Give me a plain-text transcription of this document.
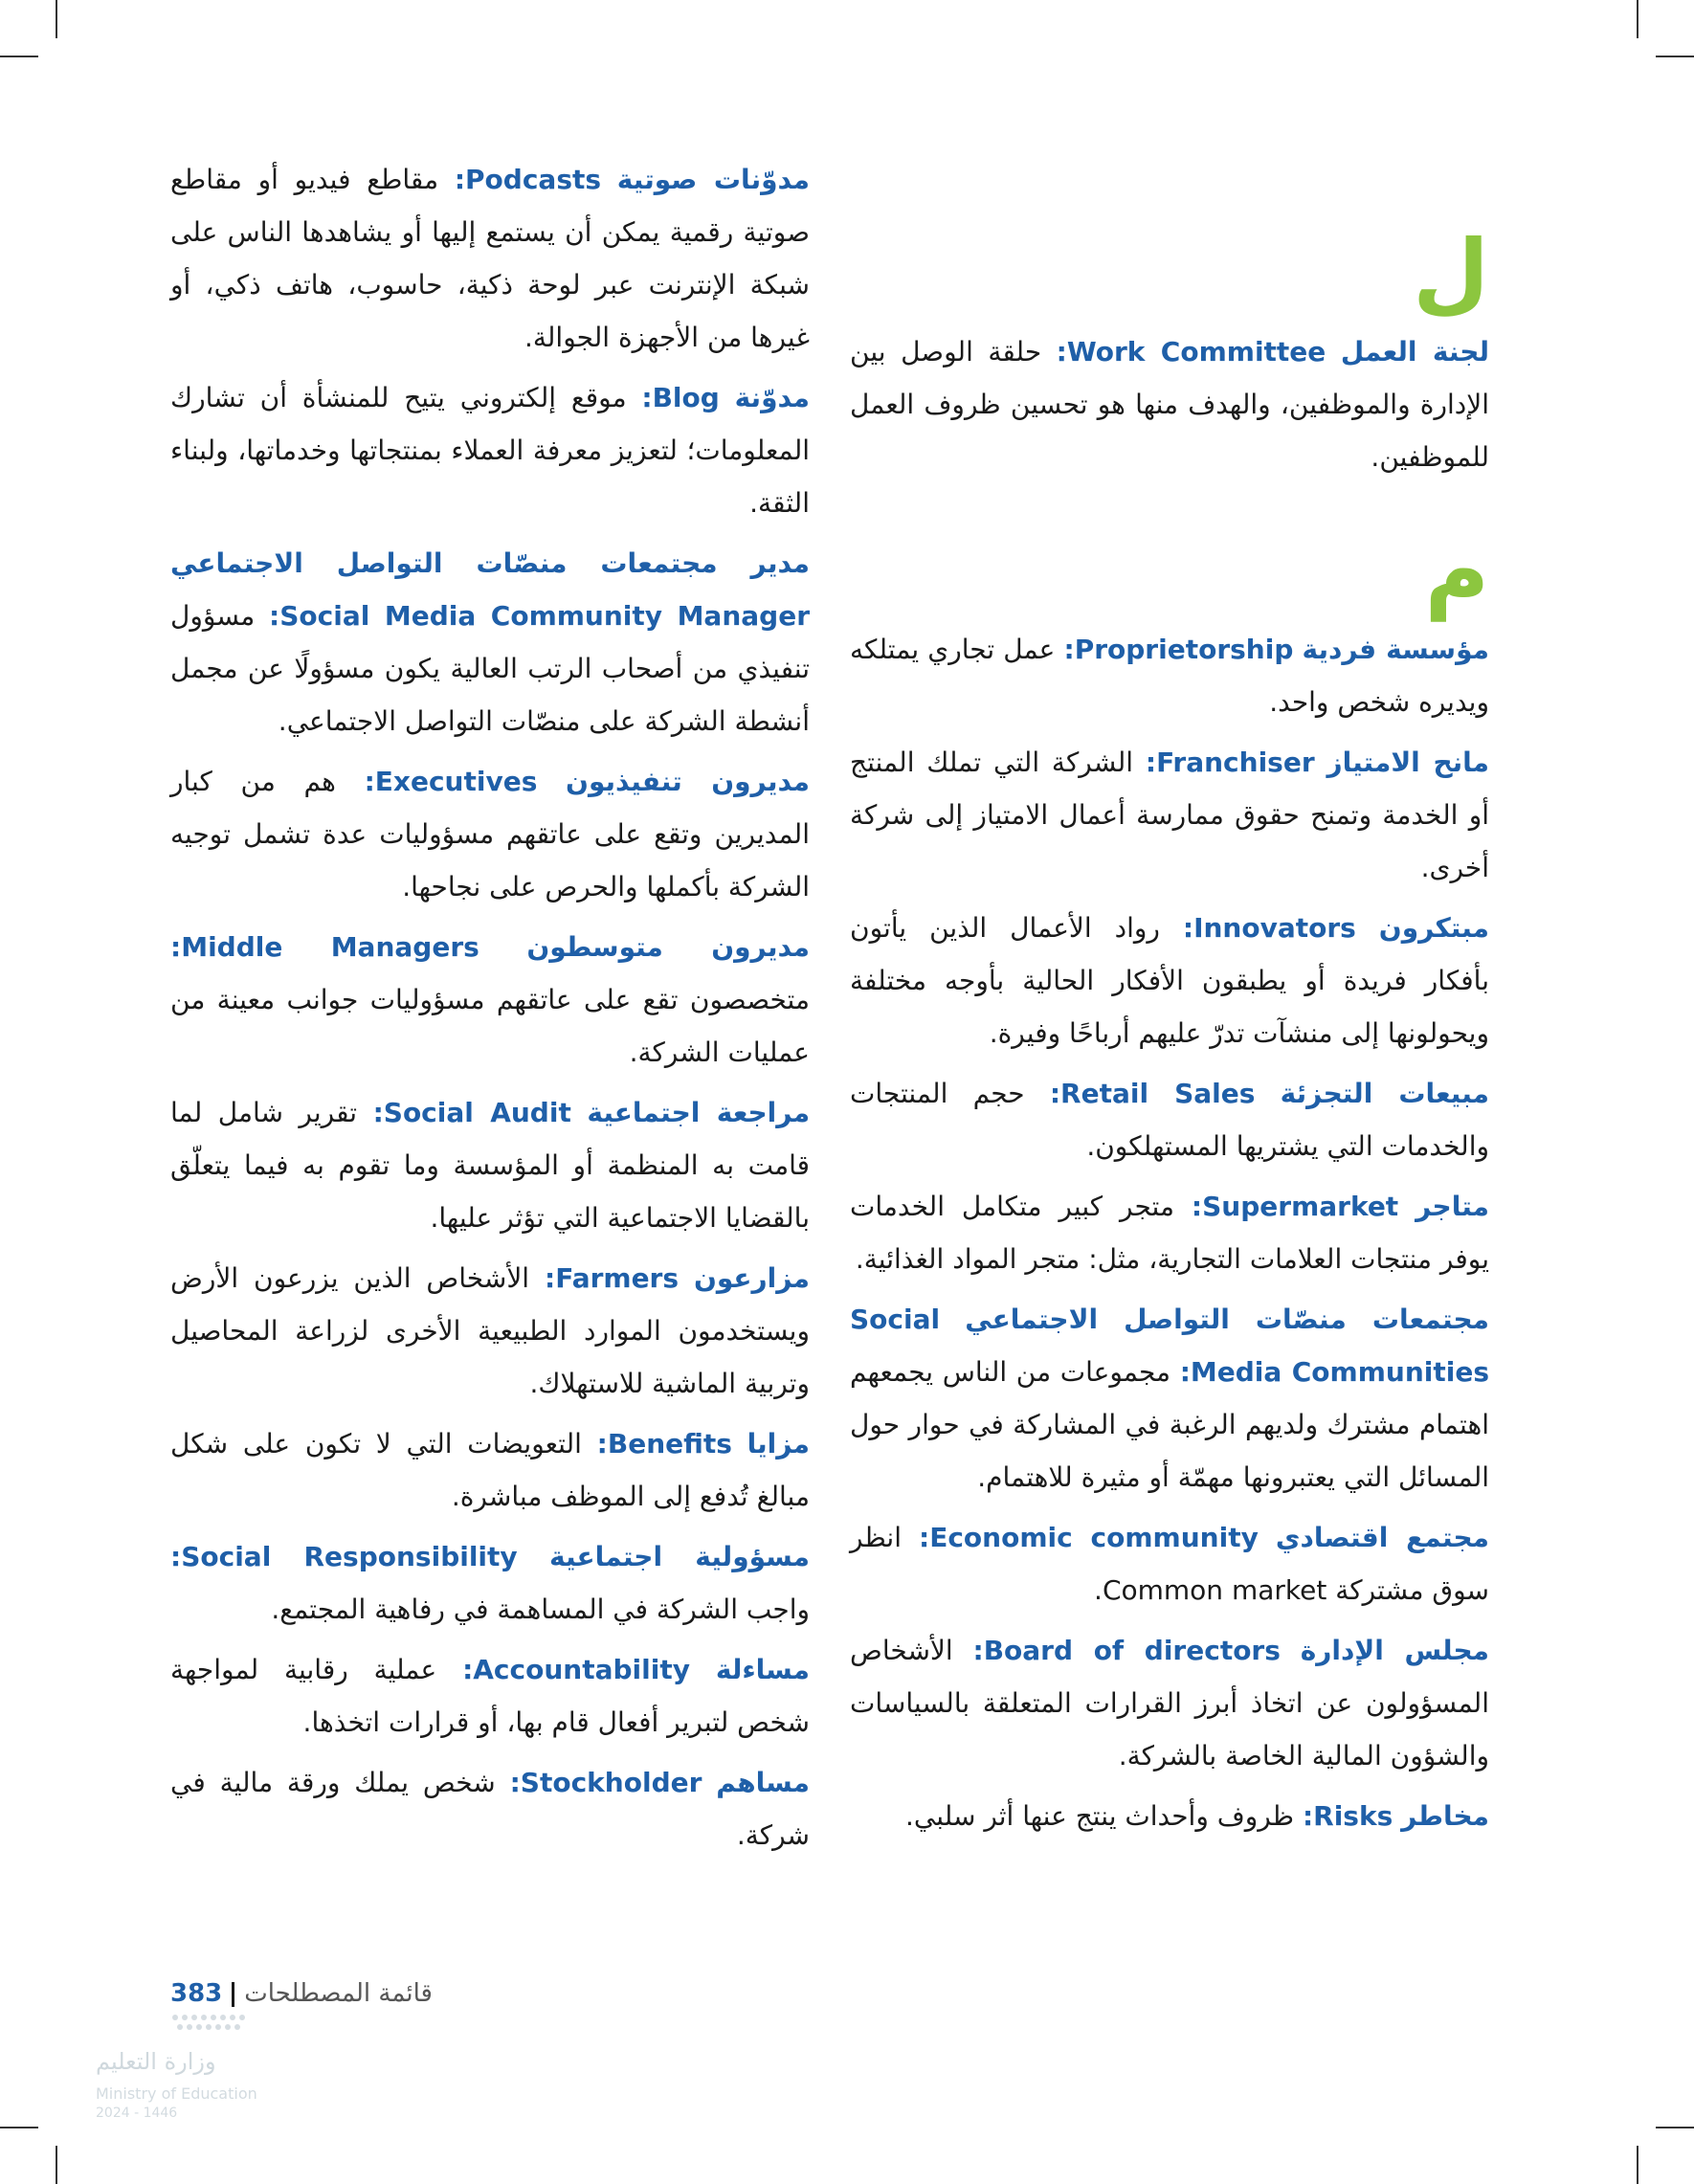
ل

لجنة العمل Work Committee: حلقة الوصل بين الإدارة والموظفين، والهدف منها هو تحسين ظروف العمل للموظفين.

م

مؤسسة فردية Proprietorship: عمل تجاري يمتلكه ويديره شخص واحد.

مانح الامتياز Franchiser: الشركة التي تملك المنتج أو الخدمة وتمنح حقوق ممارسة أعمال الامتياز إلى شركة أخرى.

مبتكرون Innovators: رواد الأعمال الذين يأتون بأفكار فريدة أو يطبقون الأفكار الحالية بأوجه مختلفة ويحولونها إلى منشآت تدرّ عليهم أرباحًا وفيرة.

مبيعات التجزئة Retail Sales: حجم المنتجات والخدمات التي يشتريها المستهلكون.

متاجر Supermarket: متجر كبير متكامل الخدمات يوفر منتجات العلامات التجارية، مثل: متجر المواد الغذائية.

مجتمعات منصّات التواصل الاجتماعي Social Media Communities: مجموعات من الناس يجمعهم اهتمام مشترك ولديهم الرغبة في المشاركة في حوار حول المسائل التي يعتبرونها مهمّة أو مثيرة للاهتمام.

مجتمع اقتصادي Economic community: انظر سوق مشتركة Common market.

مجلس الإدارة Board of directors: الأشخاص المسؤولون عن اتخاذ أبرز القرارات المتعلقة بالسياسات والشؤون المالية الخاصة بالشركة.

مخاطر Risks: ظروف وأحداث ينتج عنها أثر سلبي.

مدوّنات صوتية Podcasts: مقاطع فيديو أو مقاطع صوتية رقمية يمكن أن يستمع إليها أو يشاهدها الناس على شبكة الإنترنت عبر لوحة ذكية، حاسوب، هاتف ذكي، أو غيرها من الأجهزة الجوالة.

مدوّنة Blog: موقع إلكتروني يتيح للمنشأة أن تشارك المعلومات؛ لتعزيز معرفة العملاء بمنتجاتها وخدماتها، ولبناء الثقة.

مدير مجتمعات منصّات التواصل الاجتماعي Social Media Community Manager: مسؤول تنفيذي من أصحاب الرتب العالية يكون مسؤولًا عن مجمل أنشطة الشركة على منصّات التواصل الاجتماعي.

مديرون تنفيذيون Executives: هم من كبار المديرين وتقع على عاتقهم مسؤوليات عدة تشمل توجيه الشركة بأكملها والحرص على نجاحها.

مديرون متوسطون Middle Managers: متخصصون تقع على عاتقهم مسؤوليات جوانب معينة من عمليات الشركة.

مراجعة اجتماعية Social Audit: تقرير شامل لما قامت به المنظمة أو المؤسسة وما تقوم به فيما يتعلّق بالقضايا الاجتماعية التي تؤثر عليها.

مزارعون Farmers: الأشخاص الذين يزرعون الأرض ويستخدمون الموارد الطبيعية الأخرى لزراعة المحاصيل وتربية الماشية للاستهلاك.

مزايا Benefits: التعويضات التي لا تكون على شكل مبالغ تُدفع إلى الموظف مباشرة.

مسؤولية اجتماعية Social Responsibility: واجب الشركة في المساهمة في رفاهية المجتمع.

مساءلة Accountability: عملية رقابية لمواجهة شخص لتبرير أفعال قام بها، أو قرارات اتخذها.

مساهم Stockholder: شخص يملك ورقة مالية في شركة.

383 قائمة المصطلحات
وزارة التعليم
Ministry of Education
2024 - 1446
